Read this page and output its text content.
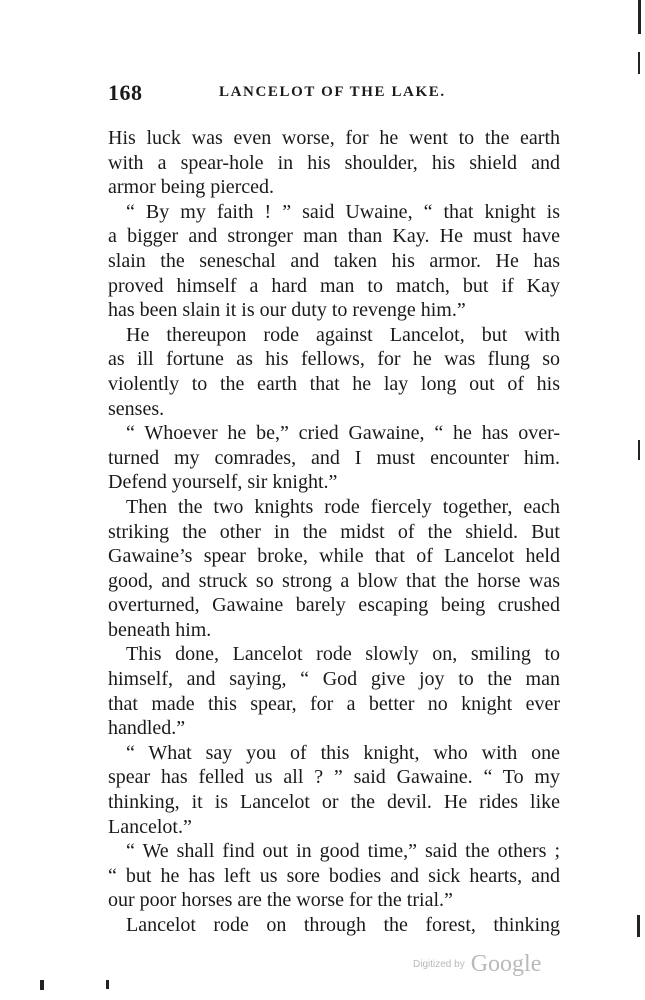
168	LANCELOT OF THE LAKE.
His luck was even worse, for he went to the earth
with a spear-hole in his shoulder, his shield and
armor being pierced.
“ By my faith ! ” said Uwaine, “ that knight is
a bigger and stronger man than Kay. He must have
slain the seneschal and taken his armor. He has
proved himself a hard man to match, but if Kay
has been slain it is our duty to revenge him.”
He thereupon rode against Lancelot, but with
as ill fortune as his fellows, for he was flung so
violently to the earth that he lay long out of his
senses.
“ Whoever he be,” cried Gawaine, “ he has over-
turned my comrades, and I must encounter him.
Defend yourself, sir knight.”
Then the two knights rode fiercely together, each
striking the other in the midst of the shield. But
Gawaine’s spear broke, while that of Lancelot held
good, and struck so strong a blow that the horse was
overturned, Gawaine barely escaping being crushed
beneath him.
This done, Lancelot rode slowly on, smiling to
himself, and saying, “ God give joy to the man
that made this spear, for a better no knight ever
handled.”
“ What say you of this knight, who with one
spear has felled us all ? ” said Gawaine. “ To my
thinking, it is Lancelot or the devil. He rides like
Lancelot.”
“ We shall find out in good time,” said the others ;
“ but he has left us sore bodies and sick hearts, and
our poor horses are the worse for the trial.”
Lancelot rode on through the forest, thinking
Digitized by Google
